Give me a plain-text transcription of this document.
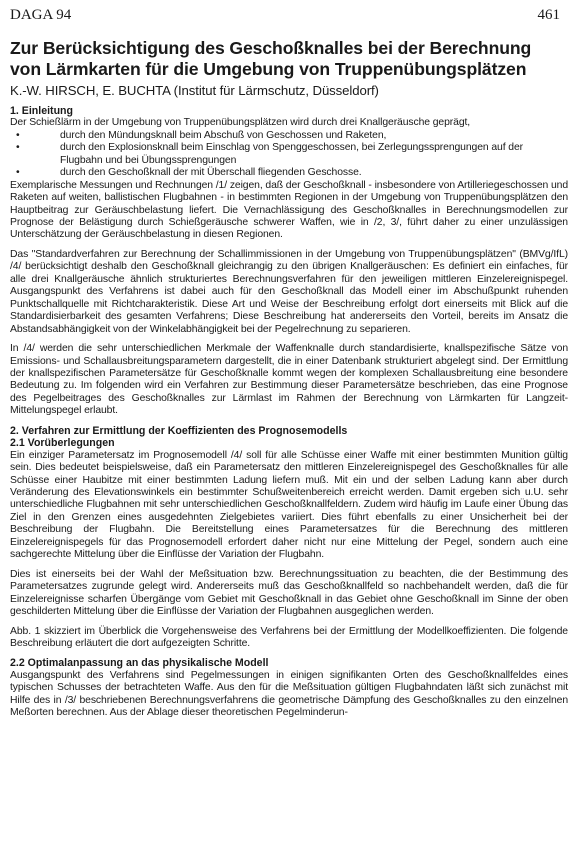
DAGA 94	461
Zur Berücksichtigung des Geschoßknalles bei der Berechnung
von Lärmkarten für die Umgebung von Truppenübungsplätzen
K.-W. HIRSCH, E. BUCHTA (Institut für Lärmschutz, Düsseldorf)
1. Einleitung

Der Schießlärm in der Umgebung von Truppenübungsplätzen wird durch drei Knallgeräusche geprägt,

•	durch den Mündungsknall beim Abschuß von Geschossen und Raketen,
•	durch den Explosionsknall beim Einschlag von Spenggeschossen, bei Zerlegungssprengungen auf der Flugbahn und bei Übungssprengungen
•	durch den Geschoßknall der mit Überschall fliegenden Geschosse.

Exemplarische Messungen und Rechnungen /1/ zeigen, daß der Geschoßknall - insbesondere von Artilleriegeschossen und Raketen auf weiten, ballistischen Flugbahnen - in bestimmten Regionen in der Umgebung von Truppenübungsplätzen den Hauptbeitrag zur Geräuschbelastung liefert. Die Vernachlässigung des Geschoßknalles in Berechnungsmodellen zur Prognose der Belästigung durch Schießgeräusche schwerer Waffen, wie in /2, 3/, führt daher zu einer unzulässigen Unterschätzung der Geräuschbelastung in diesen Regionen.

Das "Standardverfahren zur Berechnung der Schallimmissionen in der Umgebung von Truppenübungsplätzen" (BMVg/IfL) /4/ berücksichtigt deshalb den Geschoßknall gleichrangig zu den übrigen Knallgeräuschen: Es definiert ein einfaches, für alle drei Knallgeräusche ähnlich strukturiertes Berechnungsverfahren für den jeweiligen mittleren Einzelereignispegel. Ausgangspunkt des Verfahrens ist dabei auch für den Geschoßknall das Modell einer im Abschußpunkt ruhenden Punktschallquelle mit Richtcharakteristik. Diese Art und Weise der Beschreibung erfolgt dort einerseits mit Blick auf die Standardisierbarkeit des gesamten Verfahrens; Diese Beschreibung hat andererseits den Vorteil, bereits im Ansatz die Abstandsabhängigkeit von der Winkelabhängigkeit bei der Pegelrechnung zu separieren.

In /4/ werden die sehr unterschiedlichen Merkmale der Waffenknalle durch standardisierte, knallspezifische Sätze von Emissions- und Schallausbreitungsparametern dargestellt, die in einer Datenbank strukturiert abgelegt sind. Der Ermittlung der knallspezifischen Parametersätze für Geschoßknalle kommt wegen der komplexen Schallausbreitung eine besondere Bedeutung zu. Im folgenden wird ein Verfahren zur Bestimmung dieser Parametersätze beschrieben, das eine Prognose des Pegelbeitrages des Geschoßknalles zur Lärmlast im Rahmen der Berechnung von Lärmkarten für Langzeit-Mittelungspegel erlaubt.

2. Verfahren zur Ermittlung der Koeffizienten des Prognosemodells
2.1 Vorüberlegungen

Ein einziger Parametersatz im Prognosemodell /4/ soll für alle Schüsse einer Waffe mit einer bestimmten Munition gültig sein. Dies bedeutet beispielsweise, daß ein Parametersatz den mittleren Einzelereignispegel des Geschoßknalles für alle Schüsse einer Haubitze mit einer bestimmten Ladung liefern muß. Mit ein und der selben Ladung kann aber durch Veränderung des Elevationswinkels ein bestimmter Schußweitenbereich erreicht werden. Damit ergeben sich u.U. sehr unterschiedliche Flugbahnen mit sehr unterschiedlichen Geschoßknallfeldern. Zudem wird häufig im Laufe einer Übung das Ziel in den Grenzen eines ausgedehnten Zielgebietes variiert. Dies führt ebenfalls zu einer Unsicherheit bei der Beschreibung der Flugbahn. Die Bereitstellung eines Parametersatzes für die Berechnung des mittleren Einzelereignispegels für das Prognosemodell erfordert daher nicht nur eine Mittelung der Pegel, sondern auch eine sachgerechte Mittelung über die Einflüsse der Variation der Flugbahn.

Dies ist einerseits bei der Wahl der Meßsituation bzw. Berechnungssituation zu beachten, die der Bestimmung des Parametersatzes zugrunde gelegt wird. Andererseits muß das Geschoßknallfeld so nachbehandelt werden, daß die für Einzelereignisse scharfen Übergänge vom Gebiet mit Geschoßknall in das Gebiet ohne Geschoßknall im Sinne der oben geschilderten Mittelung über die Einflüsse der Variation der Flugbahnen ausgeglichen werden.

Abb. 1 skizziert im Überblick die Vorgehensweise des Verfahrens bei der Ermittlung der Modellkoeffizienten. Die folgende Beschreibung erläutert die dort aufgezeigten Schritte.

2.2 Optimalanpassung an das physikalische Modell

Ausgangspunkt des Verfahrens sind Pegelmessungen in einigen signifikanten Orten des Geschoßknallfeldes eines typischen Schusses der betrachteten Waffe. Aus den für die Meßsituation gültigen Flugbahndaten läßt sich zunächst mit Hilfe des in /3/ beschriebenen Berechnungsverfahrens die geometrische Dämpfung des Geschoßknalles zu den einzelnen Meßorten berechnen. Aus der Ablage dieser theoretischen Pegelminderun-
